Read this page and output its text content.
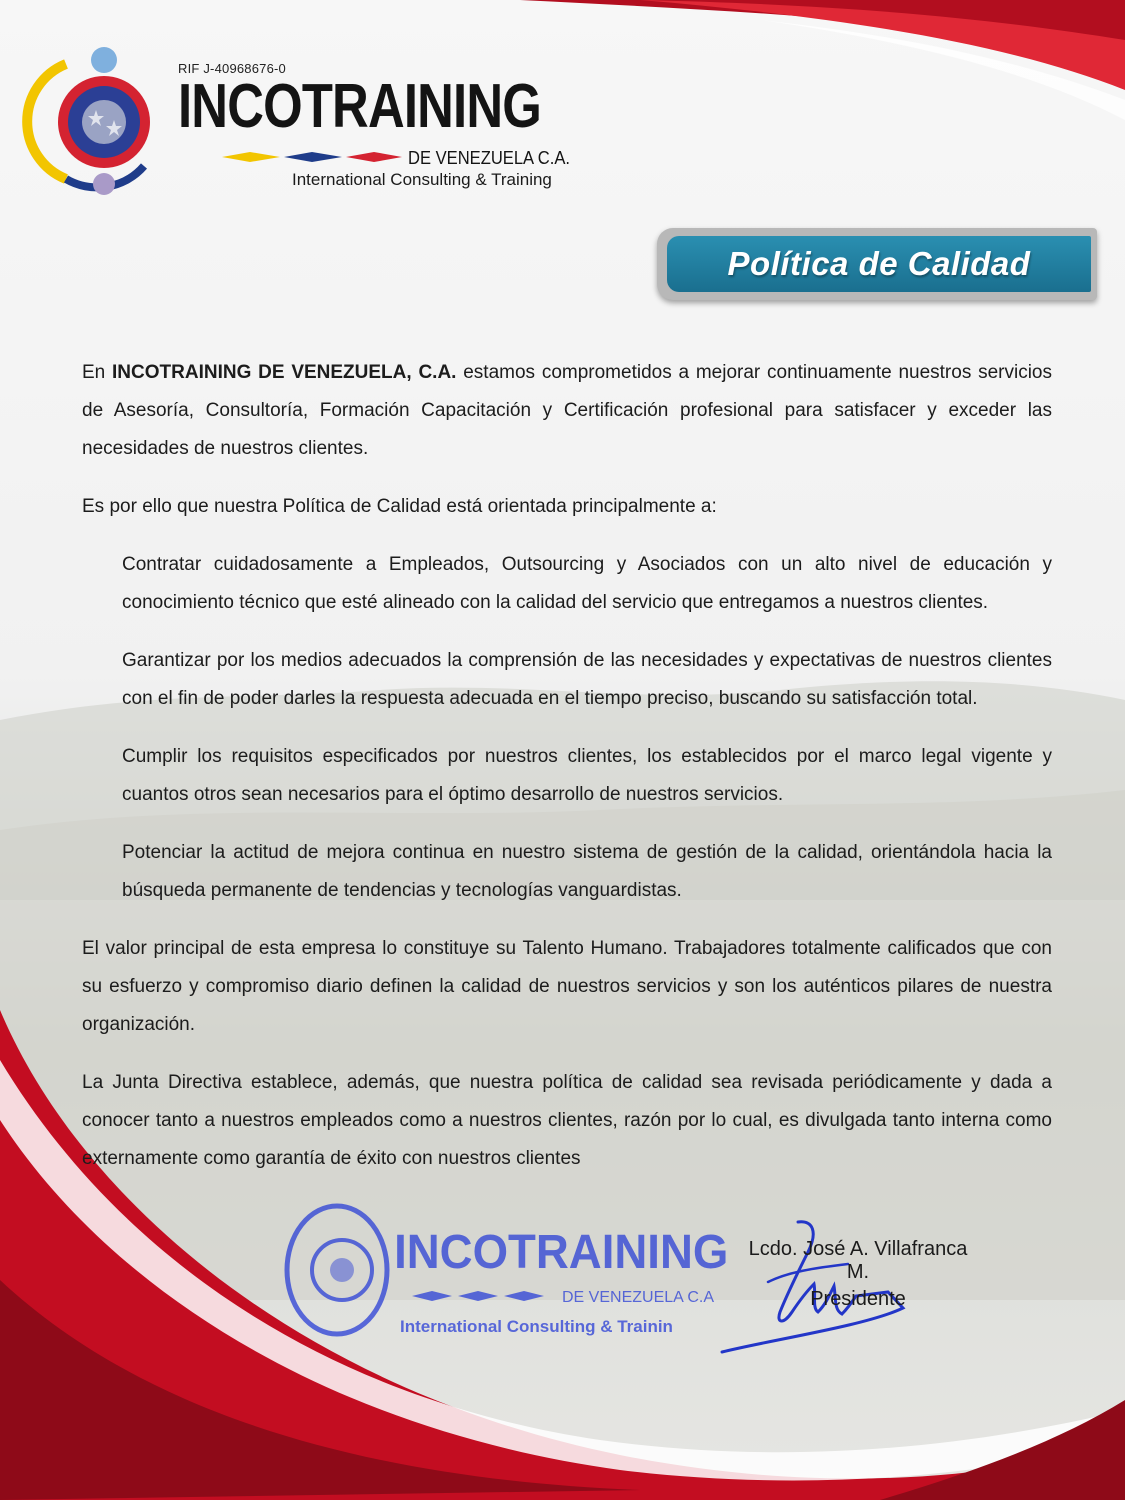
RIF J-40968676-0
INCOTRAINING
DE VENEZUELA C.A.
International Consulting & Training
Política de Calidad

En INCOTRAINING DE VENEZUELA, C.A. estamos comprometidos a mejorar continuamente nuestros servicios de Asesoría, Consultoría, Formación Capacitación y Certificación profesional para satisfacer y exceder las necesidades de nuestros clientes.

Es por ello que nuestra Política de Calidad está orientada principalmente a:

Contratar cuidadosamente a Empleados, Outsourcing y Asociados con un alto nivel de educación y conocimiento técnico que esté alineado con la calidad del servicio que entregamos a nuestros clientes.

Garantizar por los medios adecuados la comprensión de las necesidades y expectativas de nuestros clientes con el fin de poder darles la respuesta adecuada en el tiempo preciso, buscando su satisfacción total.

Cumplir los requisitos especificados por nuestros clientes, los establecidos por el marco legal vigente y cuantos otros sean necesarios para el óptimo desarrollo de nuestros servicios.

Potenciar la actitud de mejora continua en nuestro sistema de gestión de la calidad, orientándola hacia la búsqueda permanente de tendencias y tecnologías vanguardistas.

El valor principal de esta empresa lo constituye su Talento Humano. Trabajadores totalmente calificados que con su esfuerzo y compromiso diario definen la calidad de nuestros servicios y son los auténticos pilares de nuestra organización.

La Junta Directiva establece, además, que nuestra política de calidad sea revisada periódicamente y dada a conocer tanto a nuestros empleados como a nuestros clientes, razón por lo cual, es divulgada tanto interna como externamente como garantía de éxito con nuestros clientes

INCOTRAINING
DE VENEZUELA C.A
International Consulting & Trainin
Lcdo. José A. Villafranca M.
Presidente
